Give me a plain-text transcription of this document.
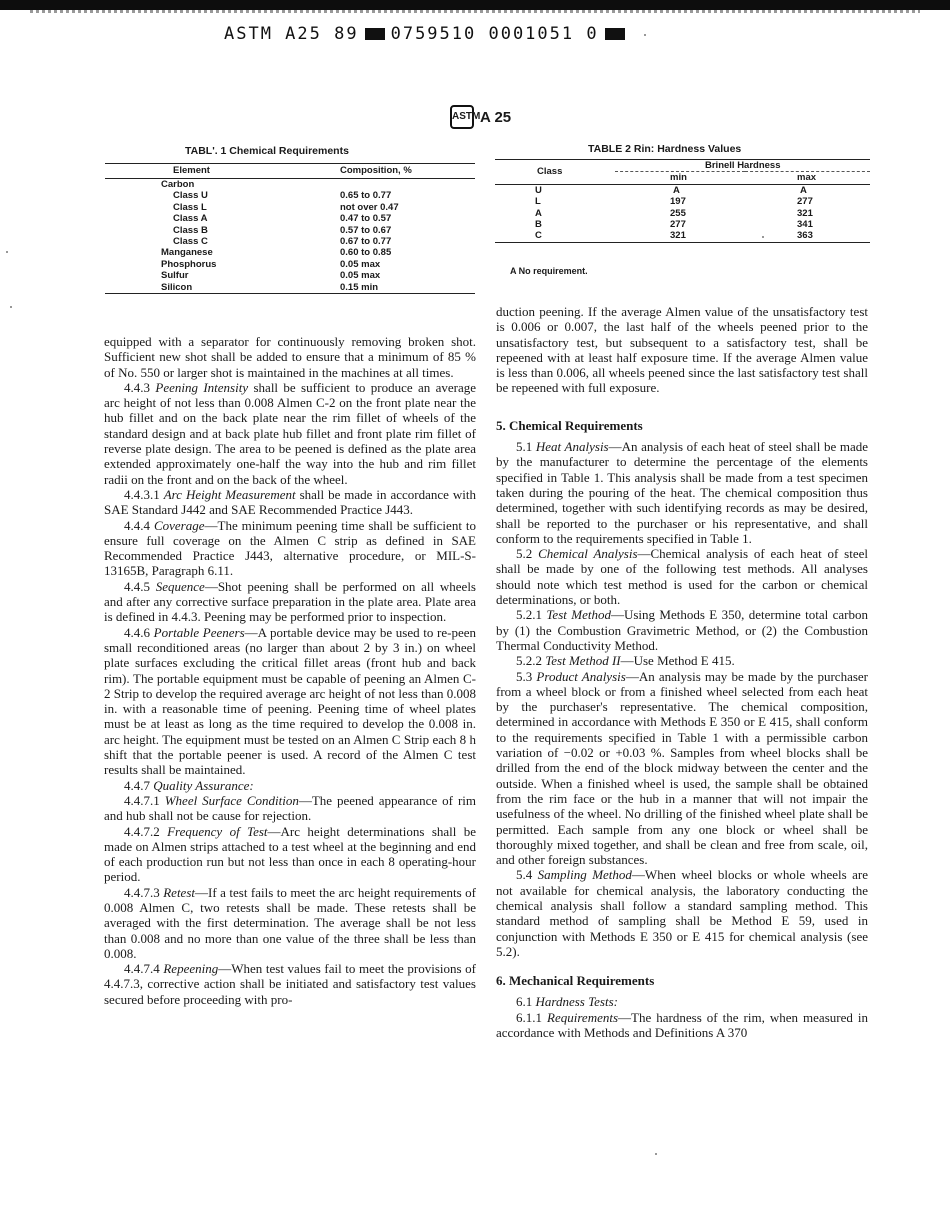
ASTM A25 89 0759510 0001051 0
ASTM A 25
TABL'. 1 Chemical Requirements
Element	Composition, %
Carbon	
Class U	0.65 to 0.77
Class L	not over 0.47
Class A	0.47 to 0.57
Class B	0.57 to 0.67
Class C	0.67 to 0.77
Manganese	0.60 to 0.85
Phosphorus	0.05 max
Sulfur	0.05 max
Silicon	0.15 min
TABLE 2 Rin: Hardness Values
Class	Brinell Hardness	
	min	max
U	A	A
L	197	277
A	255	321
B	277	341
C	321	363
A No requirement.

equipped with a separator for continuously removing broken shot. Sufficient new shot shall be added to ensure that a minimum of 85 % of No. 550 or larger shot is maintained in the machines at all times.

4.4.3 Peening Intensity shall be sufficient to produce an average arc height of not less than 0.008 Almen C-2 on the front plate near the hub fillet and on the back plate near the rim fillet of wheels of the standard design and at back plate hub fillet and front plate rim fillet of reverse plate design. The area to be peened is defined as the plate area extended approximately one-half the way into the hub and rim fillet radii on the front and on the back of the wheel.

4.4.3.1 Arc Height Measurement shall be made in accordance with SAE Standard J442 and SAE Recommended Practice J443.

4.4.4 Coverage—The minimum peening time shall be sufficient to ensure full coverage on the Almen C strip as defined in SAE Recommended Practice J443, alternative procedure, or MIL-S-13165B, Paragraph 6.11.

4.4.5 Sequence—Shot peening shall be performed on all wheels and after any corrective surface preparation in the plate area. Plate area is defined in 4.4.3. Peening may be performed prior to inspection.

4.4.6 Portable Peeners—A portable device may be used to re-peen small reconditioned areas (no larger than about 2 by 3 in.) on wheel plate surfaces excluding the critical fillet areas (front hub and back rim). The portable equipment must be capable of peening an Almen C-2 Strip to develop the required average arc height of not less than 0.008 in. with a reasonable time of peening. Peening time of wheel plates must be at least as long as the time required to develop the 0.008 in. arc height. The equipment must be tested on an Almen C Strip each 8 h shift that the portable peener is used. A record of the Almen C test results shall be maintained.

4.4.7 Quality Assurance:

4.4.7.1 Wheel Surface Condition—The peened appearance of rim and hub shall not be cause for rejection.

4.4.7.2 Frequency of Test—Arc height determinations shall be made on Almen strips attached to a test wheel at the beginning and end of each production run but not less than once in each 8 operating-hour period.

4.4.7.3 Retest—If a test fails to meet the arc height requirements of 0.008 Almen C, two retests shall be made. These retests shall be averaged with the first determination. The average shall be not less than 0.008 and no more than one value of the three shall be less than 0.008.

4.4.7.4 Repeening—When test values fail to meet the provisions of 4.4.7.3, corrective action shall be initiated and satisfactory test values secured before proceeding with pro-

duction peening. If the average Almen value of the unsatisfactory test is 0.006 or 0.007, the last half of the wheels peened prior to the unsatisfactory test, but subsequent to a satisfactory test, shall be repeened with at least half exposure time. If the average Almen value is less than 0.006, all wheels peened since the last satisfactory test shall be repeened with full exposure.

5. Chemical Requirements

5.1 Heat Analysis—An analysis of each heat of steel shall be made by the manufacturer to determine the percentage of the elements specified in Table 1. This analysis shall be made from a test specimen taken during the pouring of the heat. The chemical composition thus determined, together with such identifying records as may be desired, shall be reported to the purchaser or his representative, and shall conform to the requirements specified in Table 1.

5.2 Chemical Analysis—Chemical analysis of each heat of steel shall be made by one of the following test methods. All analyses should note which test method is used for the carbon or chemical determinations, or both.

5.2.1 Test Method—Using Methods E 350, determine total carbon by (1) the Combustion Gravimetric Method, or (2) the Combustion Thermal Conductivity Method.

5.2.2 Test Method II—Use Method E 415.

5.3 Product Analysis—An analysis may be made by the purchaser from a wheel block or from a finished wheel selected from each heat by the purchaser's representative. The chemical composition, determined in accordance with Methods E 350 or E 415, shall conform to the requirements specified in Table 1 with a permissible carbon variation of −0.02 or +0.03 %. Samples from wheel blocks shall be drilled from the end of the block midway between the center and the outside. When a finished wheel is used, the sample shall be obtained from the rim face or the hub in a manner that will not impair the usefulness of the wheel. No drilling of the finished wheel plate shall be permitted. Each sample from any one block or wheel shall be thoroughly mixed together, and shall be clean and free from scale, oil, and other foreign substances.

5.4 Sampling Method—When wheel blocks or whole wheels are not available for chemical analysis, the laboratory conducting the chemical analysis shall follow a standard sampling method. This standard method of sampling shall be Method E 59, used in conjunction with Methods E 350 or E 415 for chemical analysis (see 5.2).

6. Mechanical Requirements

6.1 Hardness Tests:

6.1.1 Requirements—The hardness of the rim, when measured in accordance with Methods and Definitions A 370
